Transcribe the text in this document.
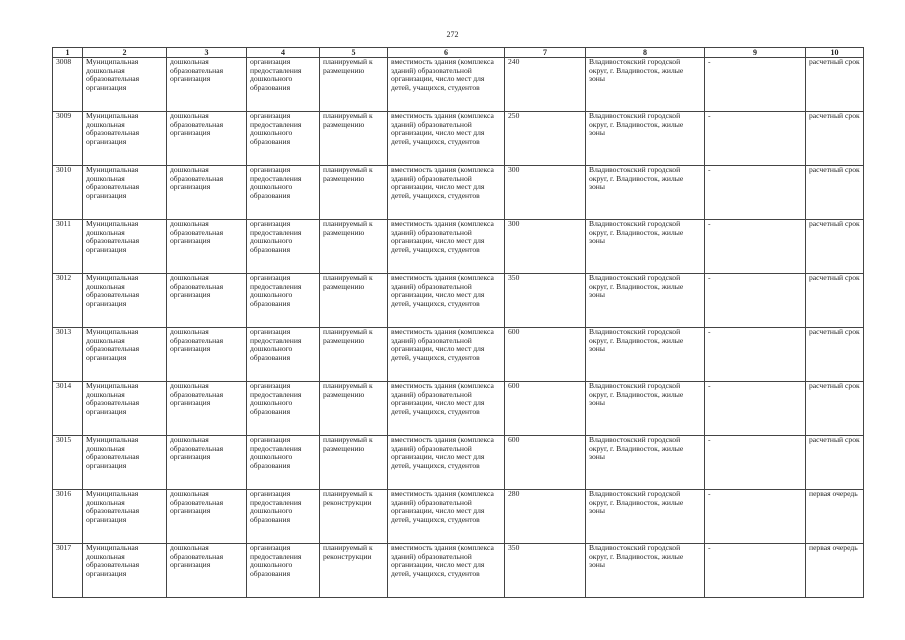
272
1	2	3	4	5	6	7	8	9	10
3008	Муниципальная дошкольная образовательная организация	дошкольная образовательная организация	организация предоставления дошкольного образования	планируемый к размещению	вместимость здания (комплекса зданий) образовательной организации, число мест для детей, учащихся, студентов	240	Владивостокский городской округ, г. Владивосток, жилые зоны	-	расчетный срок
3009	Муниципальная дошкольная образовательная организация	дошкольная образовательная организация	организация предоставления дошкольного образования	планируемый к размещению	вместимость здания (комплекса зданий) образовательной организации, число мест для детей, учащихся, студентов	250	Владивостокский городской округ, г. Владивосток, жилые зоны	-	расчетный срок
3010	Муниципальная дошкольная образовательная организация	дошкольная образовательная организация	организация предоставления дошкольного образования	планируемый к размещению	вместимость здания (комплекса зданий) образовательной организации, число мест для детей, учащихся, студентов	300	Владивостокский городской округ, г. Владивосток, жилые зоны	-	расчетный срок
3011	Муниципальная дошкольная образовательная организация	дошкольная образовательная организация	организация предоставления дошкольного образования	планируемый к размещению	вместимость здания (комплекса зданий) образовательной организации, число мест для детей, учащихся, студентов	300	Владивостокский городской округ, г. Владивосток, жилые зоны	-	расчетный срок
3012	Муниципальная дошкольная образовательная организация	дошкольная образовательная организация	организация предоставления дошкольного образования	планируемый к размещению	вместимость здания (комплекса зданий) образовательной организации, число мест для детей, учащихся, студентов	350	Владивостокский городской округ, г. Владивосток, жилые зоны	-	расчетный срок
3013	Муниципальная дошкольная образовательная организация	дошкольная образовательная организация	организация предоставления дошкольного образования	планируемый к размещению	вместимость здания (комплекса зданий) образовательной организации, число мест для детей, учащихся, студентов	600	Владивостокский городской округ, г. Владивосток, жилые зоны	-	расчетный срок
3014	Муниципальная дошкольная образовательная организация	дошкольная образовательная организация	организация предоставления дошкольного образования	планируемый к размещению	вместимость здания (комплекса зданий) образовательной организации, число мест для детей, учащихся, студентов	600	Владивостокский городской округ, г. Владивосток, жилые зоны	-	расчетный срок
3015	Муниципальная дошкольная образовательная организация	дошкольная образовательная организация	организация предоставления дошкольного образования	планируемый к размещению	вместимость здания (комплекса зданий) образовательной организации, число мест для детей, учащихся, студентов	600	Владивостокский городской округ, г. Владивосток, жилые зоны	-	расчетный срок
3016	Муниципальная дошкольная образовательная организация	дошкольная образовательная организация	организация предоставления дошкольного образования	планируемый к реконструкции	вместимость здания (комплекса зданий) образовательной организации, число мест для детей, учащихся, студентов	280	Владивостокский городской округ, г. Владивосток, жилые зоны	-	первая очередь
3017	Муниципальная дошкольная образовательная организация	дошкольная образовательная организация	организация предоставления дошкольного образования	планируемый к реконструкции	вместимость здания (комплекса зданий) образовательной организации, число мест для детей, учащихся, студентов	350	Владивостокский городской округ, г. Владивосток, жилые зоны	-	первая очередь
